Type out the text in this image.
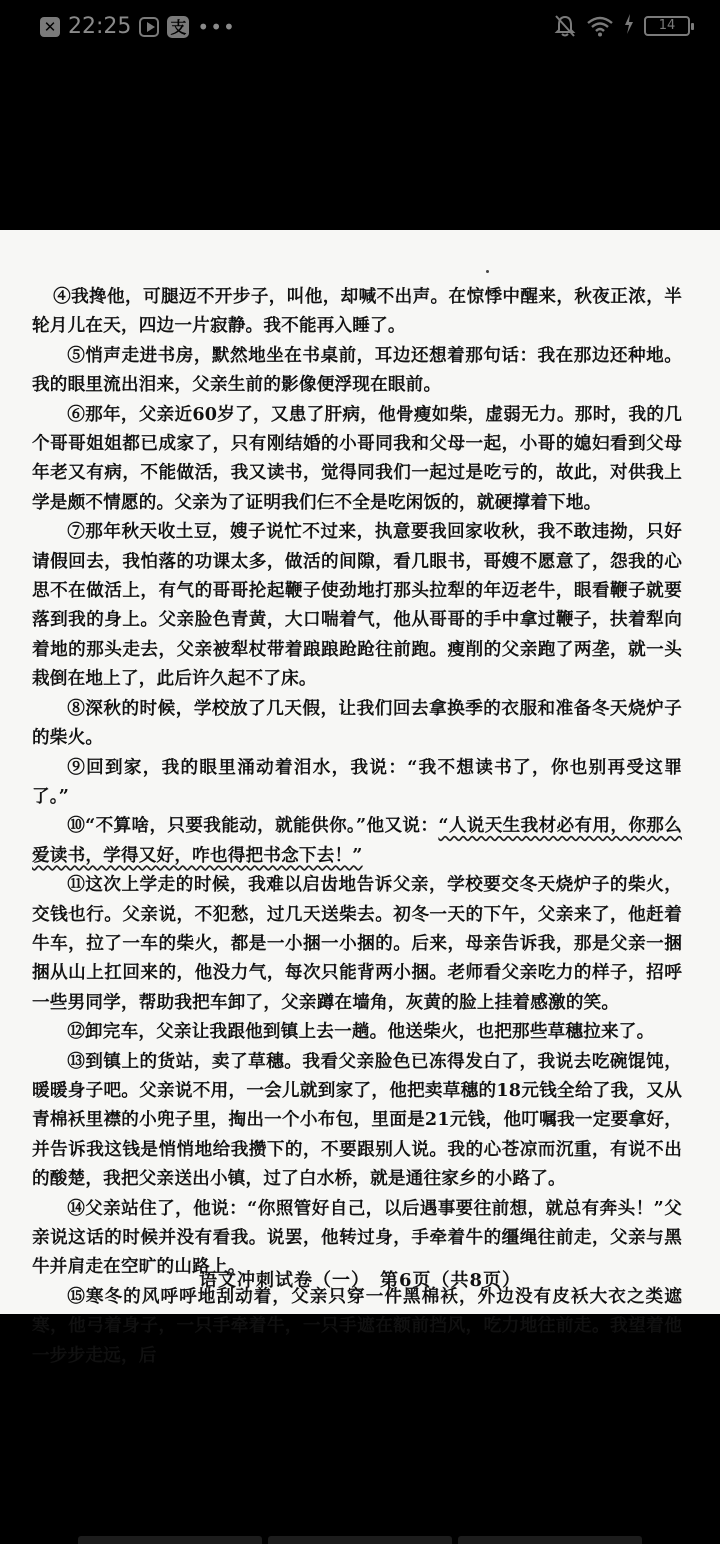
✕ 22:25 支 •••	14

④我搀他，可腿迈不开步子，叫他，却喊不出声。在惊悸中醒来，秋夜正浓，半轮月儿在天，四边一片寂静。我不能再入睡了。

⑤悄声走进书房，默然地坐在书桌前，耳边还想着那句话：我在那边还种地。我的眼里流出泪来，父亲生前的影像便浮现在眼前。

⑥那年，父亲近60岁了，又患了肝病，他骨瘦如柴，虚弱无力。那时，我的几个哥哥姐姐都已成家了，只有刚结婚的小哥同我和父母一起，小哥的媳妇看到父母年老又有病，不能做活，我又读书，觉得同我们一起过是吃亏的，故此，对供我上学是颇不情愿的。父亲为了证明我们仨不全是吃闲饭的，就硬撑着下地。

⑦那年秋天收土豆，嫂子说忙不过来，执意要我回家收秋，我不敢违拗，只好请假回去，我怕落的功课太多，做活的间隙，看几眼书，哥嫂不愿意了，怨我的心思不在做活上，有气的哥哥抡起鞭子使劲地打那头拉犁的年迈老牛，眼看鞭子就要落到我的身上。父亲脸色青黄，大口喘着气，他从哥哥的手中拿过鞭子，扶着犁向着地的那头走去，父亲被犁杖带着踉踉跄跄往前跑。瘦削的父亲跑了两垄，就一头栽倒在地上了，此后许久起不了床。

⑧深秋的时候，学校放了几天假，让我们回去拿换季的衣服和准备冬天烧炉子的柴火。

⑨回到家，我的眼里涌动着泪水，我说：“我不想读书了，你也别再受这罪了。”

⑩“不算啥，只要我能动，就能供你。”他又说：“人说天生我材必有用，你那么爱读书，学得又好，咋也得把书念下去！”

⑪这次上学走的时候，我难以启齿地告诉父亲，学校要交冬天烧炉子的柴火，交钱也行。父亲说，不犯愁，过几天送柴去。初冬一天的下午，父亲来了，他赶着牛车，拉了一车的柴火，都是一小捆一小捆的。后来，母亲告诉我，那是父亲一捆捆从山上扛回来的，他没力气，每次只能背两小捆。老师看父亲吃力的样子，招呼一些男同学，帮助我把车卸了，父亲蹲在墙角，灰黄的脸上挂着感激的笑。

⑫卸完车，父亲让我跟他到镇上去一趟。他送柴火，也把那些草穗拉来了。

⑬到镇上的货站，卖了草穗。我看父亲脸色已冻得发白了，我说去吃碗馄饨，暖暖身子吧。父亲说不用，一会儿就到家了，他把卖草穗的18元钱全给了我，又从青棉袄里襟的小兜子里，掏出一个小布包，里面是21元钱，他叮嘱我一定要拿好，并告诉我这钱是悄悄地给我攒下的，不要跟别人说。我的心苍凉而沉重，有说不出的酸楚，我把父亲送出小镇，过了白水桥，就是通往家乡的小路了。

⑭父亲站住了，他说：“你照管好自己，以后遇事要往前想，就总有奔头！”父亲说这话的时候并没有看我。说罢，他转过身，手牵着牛的缰绳往前走，父亲与黑牛并肩走在空旷的山路上。

⑮寒冬的风呼呼地刮动着，父亲只穿一件黑棉袄，外边没有皮袄大衣之类遮寒，他弓着身子，一只手牵着牛，一只手遮在额前挡风，吃力地往前走。我望着他一步步走远，后

语文冲刺试卷（一）　第6页（共8页）
